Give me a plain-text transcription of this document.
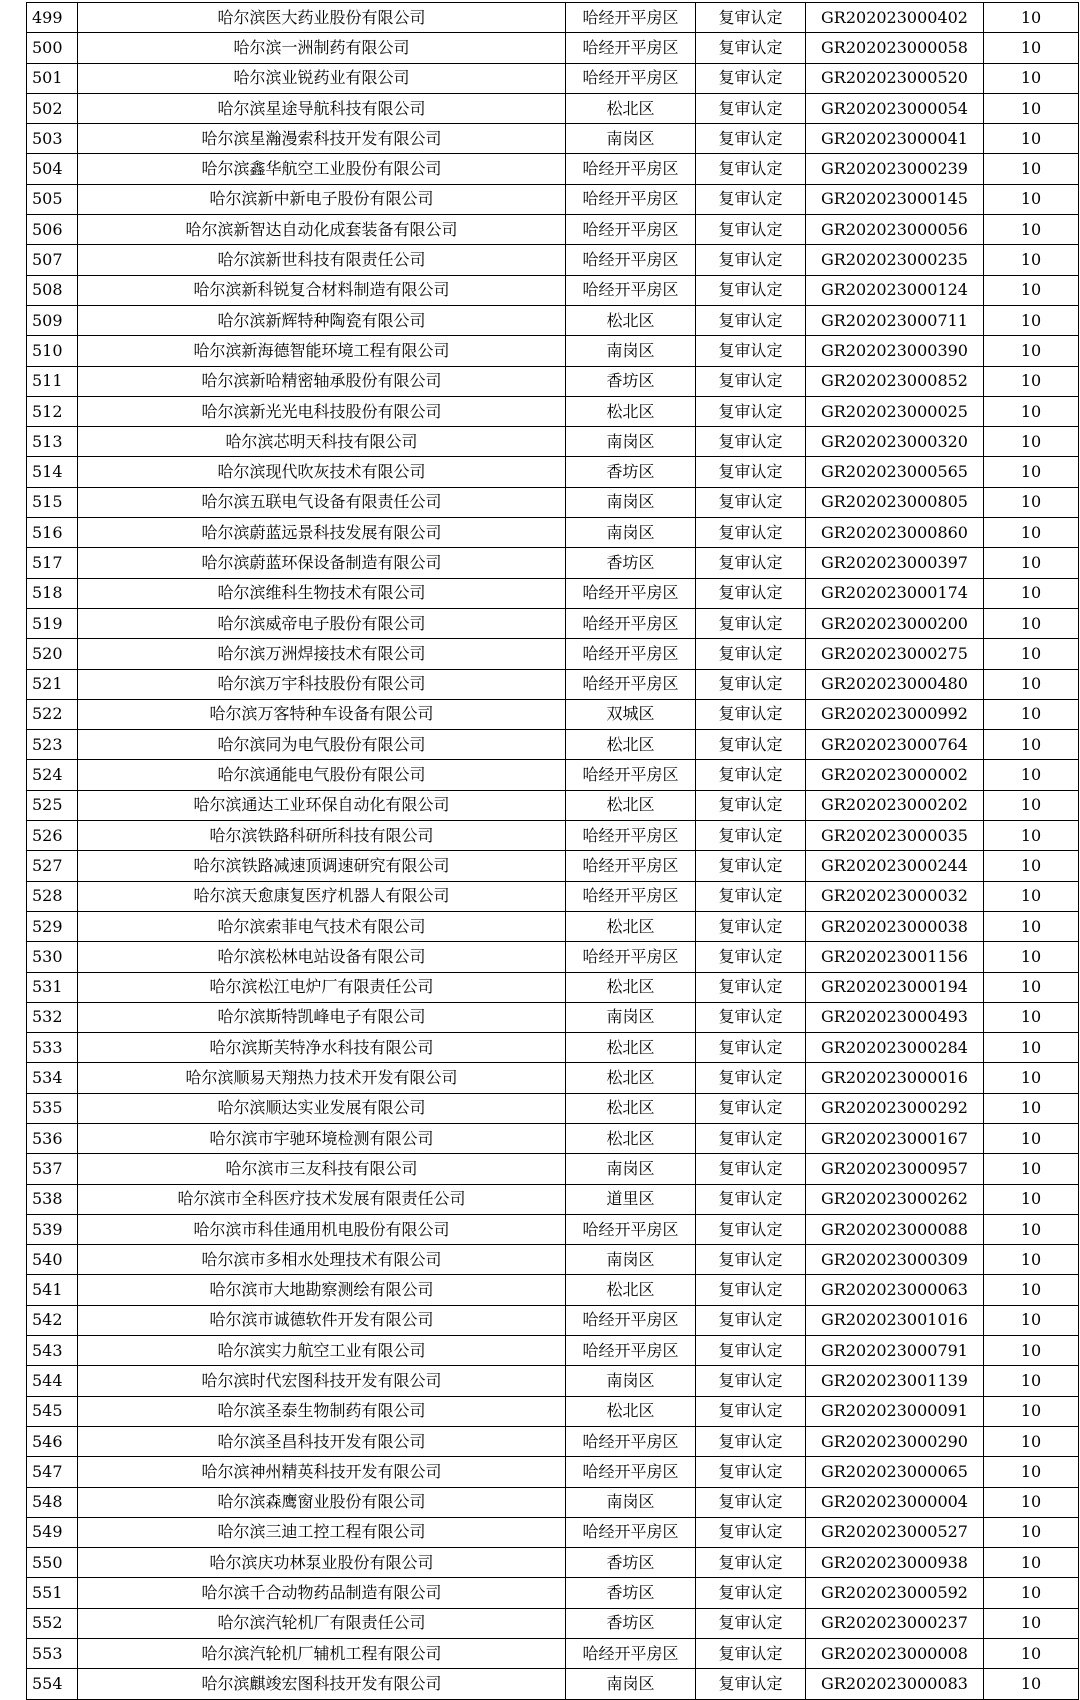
499	哈尔滨医大药业股份有限公司	哈经开平房区	复审认定	GR202023000402	10
500	哈尔滨一洲制药有限公司	哈经开平房区	复审认定	GR202023000058	10
501	哈尔滨业锐药业有限公司	哈经开平房区	复审认定	GR202023000520	10
502	哈尔滨星途导航科技有限公司	松北区	复审认定	GR202023000054	10
503	哈尔滨星瀚漫索科技开发有限公司	南岗区	复审认定	GR202023000041	10
504	哈尔滨鑫华航空工业股份有限公司	哈经开平房区	复审认定	GR202023000239	10
505	哈尔滨新中新电子股份有限公司	哈经开平房区	复审认定	GR202023000145	10
506	哈尔滨新智达自动化成套装备有限公司	哈经开平房区	复审认定	GR202023000056	10
507	哈尔滨新世科技有限责任公司	哈经开平房区	复审认定	GR202023000235	10
508	哈尔滨新科锐复合材料制造有限公司	哈经开平房区	复审认定	GR202023000124	10
509	哈尔滨新辉特种陶瓷有限公司	松北区	复审认定	GR202023000711	10
510	哈尔滨新海德智能环境工程有限公司	南岗区	复审认定	GR202023000390	10
511	哈尔滨新哈精密轴承股份有限公司	香坊区	复审认定	GR202023000852	10
512	哈尔滨新光光电科技股份有限公司	松北区	复审认定	GR202023000025	10
513	哈尔滨芯明天科技有限公司	南岗区	复审认定	GR202023000320	10
514	哈尔滨现代吹灰技术有限公司	香坊区	复审认定	GR202023000565	10
515	哈尔滨五联电气设备有限责任公司	南岗区	复审认定	GR202023000805	10
516	哈尔滨蔚蓝远景科技发展有限公司	南岗区	复审认定	GR202023000860	10
517	哈尔滨蔚蓝环保设备制造有限公司	香坊区	复审认定	GR202023000397	10
518	哈尔滨维科生物技术有限公司	哈经开平房区	复审认定	GR202023000174	10
519	哈尔滨威帝电子股份有限公司	哈经开平房区	复审认定	GR202023000200	10
520	哈尔滨万洲焊接技术有限公司	哈经开平房区	复审认定	GR202023000275	10
521	哈尔滨万宇科技股份有限公司	哈经开平房区	复审认定	GR202023000480	10
522	哈尔滨万客特种车设备有限公司	双城区	复审认定	GR202023000992	10
523	哈尔滨同为电气股份有限公司	松北区	复审认定	GR202023000764	10
524	哈尔滨通能电气股份有限公司	哈经开平房区	复审认定	GR202023000002	10
525	哈尔滨通达工业环保自动化有限公司	松北区	复审认定	GR202023000202	10
526	哈尔滨铁路科研所科技有限公司	哈经开平房区	复审认定	GR202023000035	10
527	哈尔滨铁路减速顶调速研究有限公司	哈经开平房区	复审认定	GR202023000244	10
528	哈尔滨天愈康复医疗机器人有限公司	哈经开平房区	复审认定	GR202023000032	10
529	哈尔滨索菲电气技术有限公司	松北区	复审认定	GR202023000038	10
530	哈尔滨松林电站设备有限公司	哈经开平房区	复审认定	GR202023001156	10
531	哈尔滨松江电炉厂有限责任公司	松北区	复审认定	GR202023000194	10
532	哈尔滨斯特凯峰电子有限公司	南岗区	复审认定	GR202023000493	10
533	哈尔滨斯芙特净水科技有限公司	松北区	复审认定	GR202023000284	10
534	哈尔滨顺易天翔热力技术开发有限公司	松北区	复审认定	GR202023000016	10
535	哈尔滨顺达实业发展有限公司	松北区	复审认定	GR202023000292	10
536	哈尔滨市宇驰环境检测有限公司	松北区	复审认定	GR202023000167	10
537	哈尔滨市三友科技有限公司	南岗区	复审认定	GR202023000957	10
538	哈尔滨市全科医疗技术发展有限责任公司	道里区	复审认定	GR202023000262	10
539	哈尔滨市科佳通用机电股份有限公司	哈经开平房区	复审认定	GR202023000088	10
540	哈尔滨市多相水处理技术有限公司	南岗区	复审认定	GR202023000309	10
541	哈尔滨市大地勘察测绘有限公司	松北区	复审认定	GR202023000063	10
542	哈尔滨市诚德软件开发有限公司	哈经开平房区	复审认定	GR202023001016	10
543	哈尔滨实力航空工业有限公司	哈经开平房区	复审认定	GR202023000791	10
544	哈尔滨时代宏图科技开发有限公司	南岗区	复审认定	GR202023001139	10
545	哈尔滨圣泰生物制药有限公司	松北区	复审认定	GR202023000091	10
546	哈尔滨圣昌科技开发有限公司	哈经开平房区	复审认定	GR202023000290	10
547	哈尔滨神州精英科技开发有限公司	哈经开平房区	复审认定	GR202023000065	10
548	哈尔滨森鹰窗业股份有限公司	南岗区	复审认定	GR202023000004	10
549	哈尔滨三迪工控工程有限公司	哈经开平房区	复审认定	GR202023000527	10
550	哈尔滨庆功林泵业股份有限公司	香坊区	复审认定	GR202023000938	10
551	哈尔滨千合动物药品制造有限公司	香坊区	复审认定	GR202023000592	10
552	哈尔滨汽轮机厂有限责任公司	香坊区	复审认定	GR202023000237	10
553	哈尔滨汽轮机厂辅机工程有限公司	哈经开平房区	复审认定	GR202023000008	10
554	哈尔滨麒竣宏图科技开发有限公司	南岗区	复审认定	GR202023000083	10
